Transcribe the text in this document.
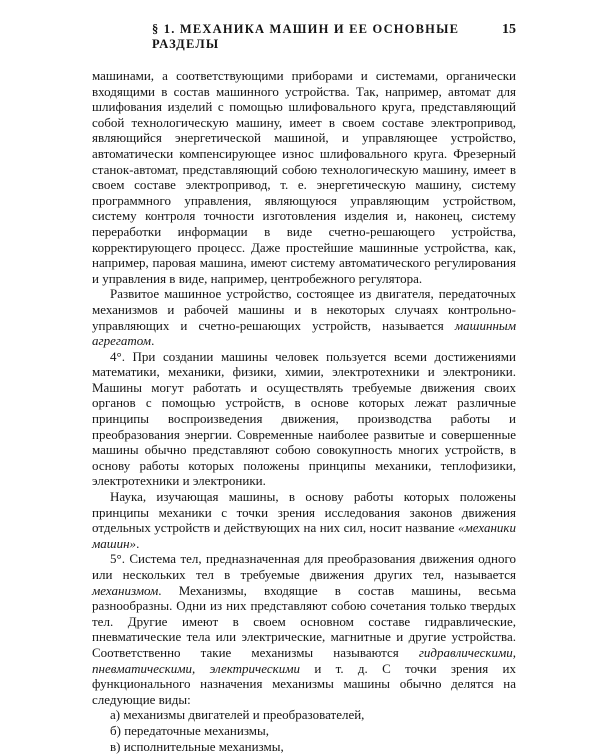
§ 1. МЕХАНИКА МАШИН И ЕЕ ОСНОВНЫЕ РАЗДЕЛЫ
15

машинами, а соответствующими приборами и системами, органически входящими в состав машинного устройства. Так, например, автомат для шлифования изделий с помощью шлифовального круга, представляющий собой технологическую машину, имеет в своем составе электропривод, являющийся энергетической машиной, и управляющее устройство, автоматически компенсирующее износ шлифовального круга. Фрезерный станок-автомат, представляющий собою технологическую машину, имеет в своем составе электропривод, т. е. энергетическую машину, систему программного управления, являющуюся управляющим устройством, систему контроля точности изготовления изделия и, наконец, систему переработки информации в виде счетно-решающего устройства, корректирующего процесс. Даже простейшие машинные устройства, как, например, паровая машина, имеют систему автоматического регулирования и управления в виде, например, центробежного регулятора.

Развитое машинное устройство, состоящее из двигателя, передаточных механизмов и рабочей машины и в некоторых случаях контрольно-управляющих и счетно-решающих устройств, называется машинным агрегатом.

4°. При создании машины человек пользуется всеми достижениями математики, механики, физики, химии, электротехники и электроники. Машины могут работать и осуществлять требуемые движения своих органов с помощью устройств, в основе которых лежат различные принципы воспроизведения движения, производства работы и преобразования энергии. Современные наиболее развитые и совершенные машины обычно представляют собою совокупность многих устройств, в основу работы которых положены принципы механики, теплофизики, электротехники и электроники.

Наука, изучающая машины, в основу работы которых положены принципы механики с точки зрения исследования законов движения отдельных устройств и действующих на них сил, носит название «механики машин».

5°. Система тел, предназначенная для преобразования движения одного или нескольких тел в требуемые движения других тел, называется механизмом. Механизмы, входящие в состав машины, весьма разнообразны. Одни из них представляют собою сочетания только твердых тел. Другие имеют в своем основном составе гидравлические, пневматические тела или электрические, магнитные и другие устройства. Соответственно такие механизмы называются гидравлическими, пневматическими, электрическими и т. д. С точки зрения их функционального назначения механизмы машины обычно делятся на следующие виды:

а) механизмы двигателей и преобразователей,
б) передаточные механизмы,
в) исполнительные механизмы,
